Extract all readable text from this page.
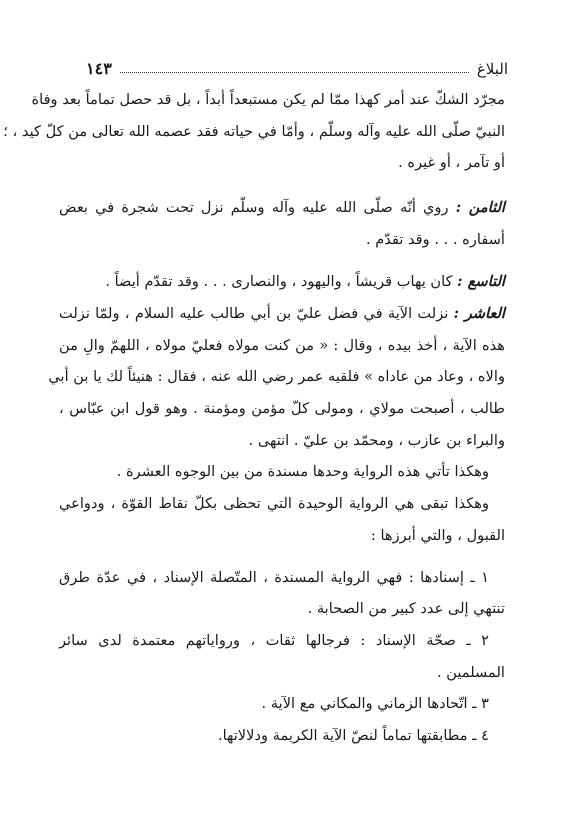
البلاغ
١٤٣
مجرّد الشكّ عند أمر كهذا ممّا لم يكن مستبعداً أبداً ، بل قد حصل تماماً بعد وفاة
النبيّ صلّى الله عليه وآله وسلّم ، وأمّا في حياته فقد عصمه الله تعالى من كلّ كيد ، ؛
أو تآمر ، أو غيره .
الثامن : روي أنّه صلّى الله عليه وآله وسلّم نزل تحت شجرة في بعض
أسفاره . . . وقد تقدّم .
التاسع : كان يهاب قريشاً ، واليهود ، والنصارى . . . وقد تقدّم أيضاً .
العاشر : نزلت الآية في فضل عليّ بن أبي طالب عليه السلام ، ولمّا نزلت
هذه الآية ، أخذ بيده ، وقال : « من كنت مولاه فعليّ مولاه ، اللهمّ والِ من
والاه ، وعاد من عاداه » فلقيه عمر رضي الله عنه ، فقال : هنيئاً لك يا بن أبي
طالب ، أصبحت مولاي ، ومولى كلّ مؤمن ومؤمنة . وهو قول ابن عبّاس ،
والبراء بن عازب ، ومحمّد بن عليّ . انتهى .
وهكذا تأتي هذه الرواية وحدها مسندة من بين الوجوه العشرة .
وهكذا تبقى هي الرواية الوحيدة التي تحظى بكلّ نقاط القوّة ، ودواعي
القبول ، والتي أبرزها :
١ ـ إسنادها : فهي الرواية المسندة ، المتّصلة الإسناد ، في عدّة طرق
تنتهي إلى عدد كبير من الصحابة .
٢ ـ صحّة الإسناد : فرجالها ثقات ، ورواياتهم معتمدة لدى سائر
المسلمين .
٣ ـ اتّحادها الزماني والمكاني مع الآية .
٤ ـ مطابقتها تماماً لنصّ الآية الكريمة ودلالاتها.
